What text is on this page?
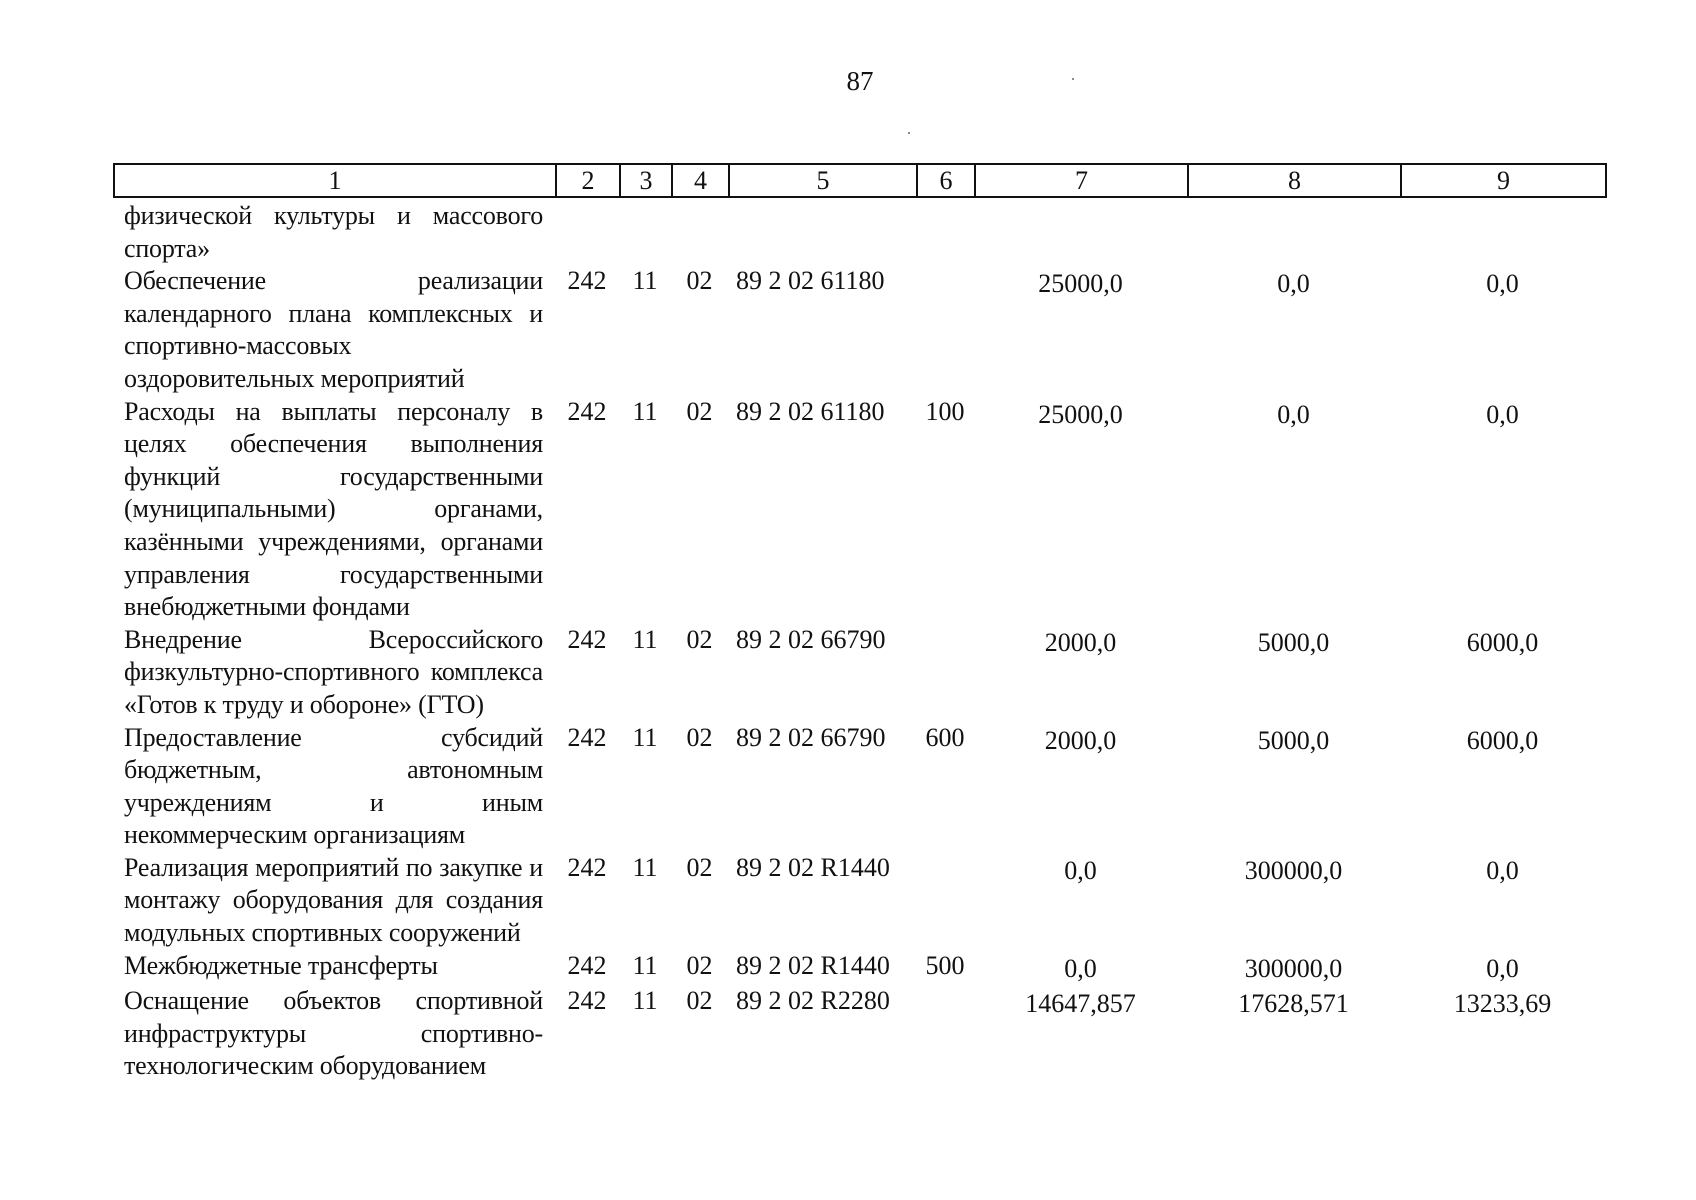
87
1	2	3	4	5	6	7	8	9
физической культуры и массового спорта»								
Обеспечение реализации календарного плана комплексных и спортивно-массовых оздоровительных мероприятий	242	11	02	89 2 02 61180		25000,0	0,0	0,0
Расходы на выплаты персоналу в целях обеспечения выполнения функций государственными (муниципальными) органами, казёнными учреждениями, органами управления государственными внебюджетными фондами	242	11	02	89 2 02 61180	100	25000,0	0,0	0,0
Внедрение Всероссийского физкультурно-спортивного комплекса «Готов к труду и обороне» (ГТО)	242	11	02	89 2 02 66790		2000,0	5000,0	6000,0
Предоставление субсидий бюджетным, автономным учреждениям и иным некоммерческим организациям	242	11	02	89 2 02 66790	600	2000,0	5000,0	6000,0
Реализация мероприятий по закупке и монтажу оборудования для создания модульных спортивных сооружений	242	11	02	89 2 02 R1440		0,0	300000,0	0,0
Межбюджетные трансферты	242	11	02	89 2 02 R1440	500	0,0	300000,0	0,0
Оснащение объектов спортивной инфраструктуры спортивно-технологическим оборудованием	242	11	02	89 2 02 R2280		14647,857	17628,571	13233,69
